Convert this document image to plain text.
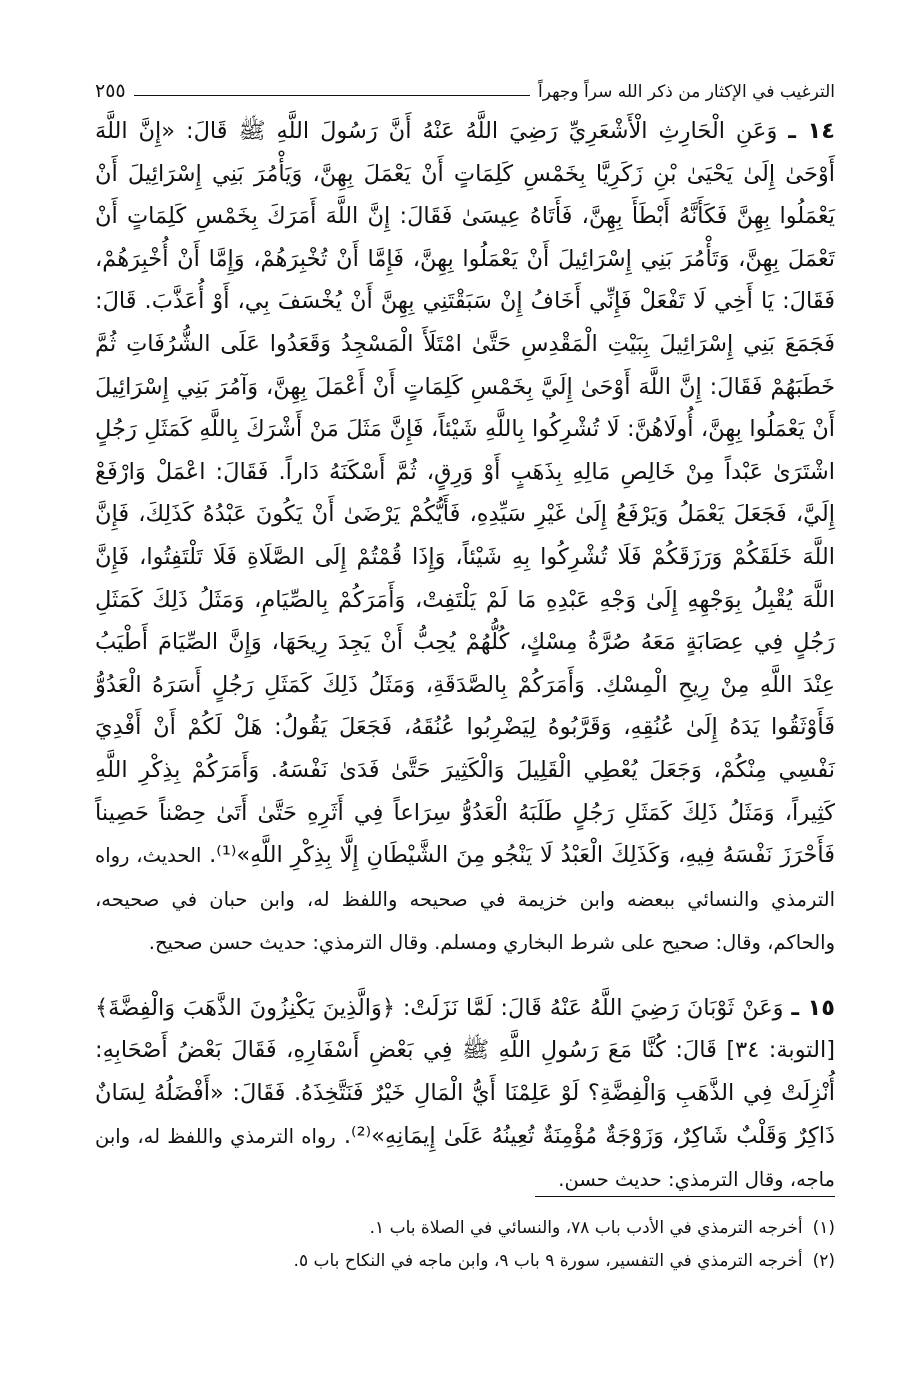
الترغيب في الإكثار من ذكر الله سراً وجهراً
٢٥٥

١٤ ـ وَعَنِ الْحَارِثِ الْأَشْعَرِيِّ رَضِيَ اللَّهُ عَنْهُ أَنَّ رَسُولَ اللَّهِ ﷺ قَالَ: «إِنَّ اللَّهَ أَوْحَىٰ إِلَىٰ يَحْيَىٰ بْنِ زَكَرِيَّا بِخَمْسِ كَلِمَاتٍ أَنْ يَعْمَلَ بِهِنَّ، وَيَأْمُرَ بَنِي إِسْرَائِيلَ أَنْ يَعْمَلُوا بِهِنَّ فَكَأَنَّهُ أَبْطَأَ بِهِنَّ، فَأَتَاهُ عِيسَىٰ فَقَالَ: إِنَّ اللَّهَ أَمَرَكَ بِخَمْسِ كَلِمَاتٍ أَنْ تَعْمَلَ بِهِنَّ، وَتَأْمُرَ بَنِي إِسْرَائِيلَ أَنْ يَعْمَلُوا بِهِنَّ، فَإِمَّا أَنْ تُخْبِرَهُمْ، وَإِمَّا أَنْ أُخْبِرَهُمْ، فَقَالَ: يَا أَخِي لَا تَفْعَلْ فَإِنِّي أَخَافُ إِنْ سَبَقْتَنِي بِهِنَّ أَنْ يُخْسَفَ بِي، أَوْ أُعَذَّبَ. قَالَ: فَجَمَعَ بَنِي إِسْرَائِيلَ بِبَيْتِ الْمَقْدِسِ حَتَّىٰ امْتَلَأَ الْمَسْجِدُ وَقَعَدُوا عَلَى الشُّرُفَاتِ ثُمَّ خَطَبَهُمْ فَقَالَ: إِنَّ اللَّهَ أَوْحَىٰ إِلَيَّ بِخَمْسِ كَلِمَاتٍ أَنْ أَعْمَلَ بِهِنَّ، وَآمُرَ بَنِي إِسْرَائِيلَ أَنْ يَعْمَلُوا بِهِنَّ، أُولَاهُنَّ: لَا تُشْرِكُوا بِاللَّهِ شَيْئاً، فَإِنَّ مَثَلَ مَنْ أَشْرَكَ بِاللَّهِ كَمَثَلِ رَجُلٍ اشْتَرَىٰ عَبْداً مِنْ خَالِصِ مَالِهِ بِذَهَبٍ أَوْ وَرِقٍ، ثُمَّ أَسْكَنَهُ دَاراً. فَقَالَ: اعْمَلْ وَارْفَعْ إِلَيَّ، فَجَعَلَ يَعْمَلُ وَيَرْفَعُ إِلَىٰ غَيْرِ سَيِّدِهِ، فَأَيُّكُمْ يَرْضَىٰ أَنْ يَكُونَ عَبْدُهُ كَذَلِكَ، فَإِنَّ اللَّهَ خَلَقَكُمْ وَرَزَقَكُمْ فَلَا تُشْرِكُوا بِهِ شَيْئاً، وَإِذَا قُمْتُمْ إِلَى الصَّلَاةِ فَلَا تَلْتَفِتُوا، فَإِنَّ اللَّهَ يُقْبِلُ بِوَجْهِهِ إِلَىٰ وَجْهِ عَبْدِهِ مَا لَمْ يَلْتَفِتْ، وَأَمَرَكُمْ بِالصِّيَامِ، وَمَثَلُ ذَلِكَ كَمَثَلِ رَجُلٍ فِي عِصَابَةٍ مَعَهُ صُرَّةُ مِسْكٍ، كُلُّهُمْ يُحِبُّ أَنْ يَجِدَ رِيحَهَا، وَإِنَّ الصِّيَامَ أَطْيَبُ عِنْدَ اللَّهِ مِنْ رِيحِ الْمِسْكِ. وَأَمَرَكُمْ بِالصَّدَقَةِ، وَمَثَلُ ذَلِكَ كَمَثَلِ رَجُلٍ أَسَرَهُ الْعَدُوُّ فَأَوْثَقُوا يَدَهُ إِلَىٰ عُنُقِهِ، وَقَرَّبُوهُ لِيَضْرِبُوا عُنُقَهُ، فَجَعَلَ يَقُولُ: هَلْ لَكُمْ أَنْ أَفْدِيَ نَفْسِي مِنْكُمْ، وَجَعَلَ يُعْطِي الْقَلِيلَ وَالْكَثِيرَ حَتَّىٰ فَدَىٰ نَفْسَهُ. وَأَمَرَكُمْ بِذِكْرِ اللَّهِ كَثِيراً، وَمَثَلُ ذَلِكَ كَمَثَلِ رَجُلٍ طَلَبَهُ الْعَدُوُّ سِرَاعاً فِي أَثَرِهِ حَتَّىٰ أَتَىٰ حِصْناً حَصِيناً فَأَحْرَزَ نَفْسَهُ فِيهِ، وَكَذَلِكَ الْعَبْدُ لَا يَنْجُو مِنَ الشَّيْطَانِ إِلَّا بِذِكْرِ اللَّهِ»⁽¹⁾. الحديث، رواه الترمذي والنسائي ببعضه وابن خزيمة في صحيحه واللفظ له، وابن حبان في صحيحه، والحاكم، وقال: صحيح على شرط البخاري ومسلم. وقال الترمذي: حديث حسن صحيح.

١٥ ـ وَعَنْ ثَوْبَانَ رَضِيَ اللَّهُ عَنْهُ قَالَ: لَمَّا نَزَلَتْ: ﴿وَالَّذِينَ يَكْنِزُونَ الذَّهَبَ وَالْفِضَّةَ﴾ [التوبة: ٣٤] قَالَ: كُنَّا مَعَ رَسُولِ اللَّهِ ﷺ فِي بَعْضِ أَسْفَارِهِ، فَقَالَ بَعْضُ أَصْحَابِهِ: أُنْزِلَتْ فِي الذَّهَبِ وَالْفِضَّةِ؟ لَوْ عَلِمْنَا أَيُّ الْمَالِ خَيْرٌ فَنَتَّخِذَهُ. فَقَالَ: «أَفْضَلُهُ لِسَانٌ ذَاكِرٌ وَقَلْبٌ شَاكِرٌ، وَزَوْجَةٌ مُؤْمِنَةٌ تُعِينُهُ عَلَىٰ إِيمَانِهِ»⁽²⁾. رواه الترمذي واللفظ له، وابن ماجه، وقال الترمذي: حديث حسن.

(١)
أخرجه الترمذي في الأدب باب ٧٨، والنسائي في الصلاة باب ١.
(٢)
أخرجه الترمذي في التفسير، سورة ٩ باب ٩، وابن ماجه في النكاح باب ٥.
